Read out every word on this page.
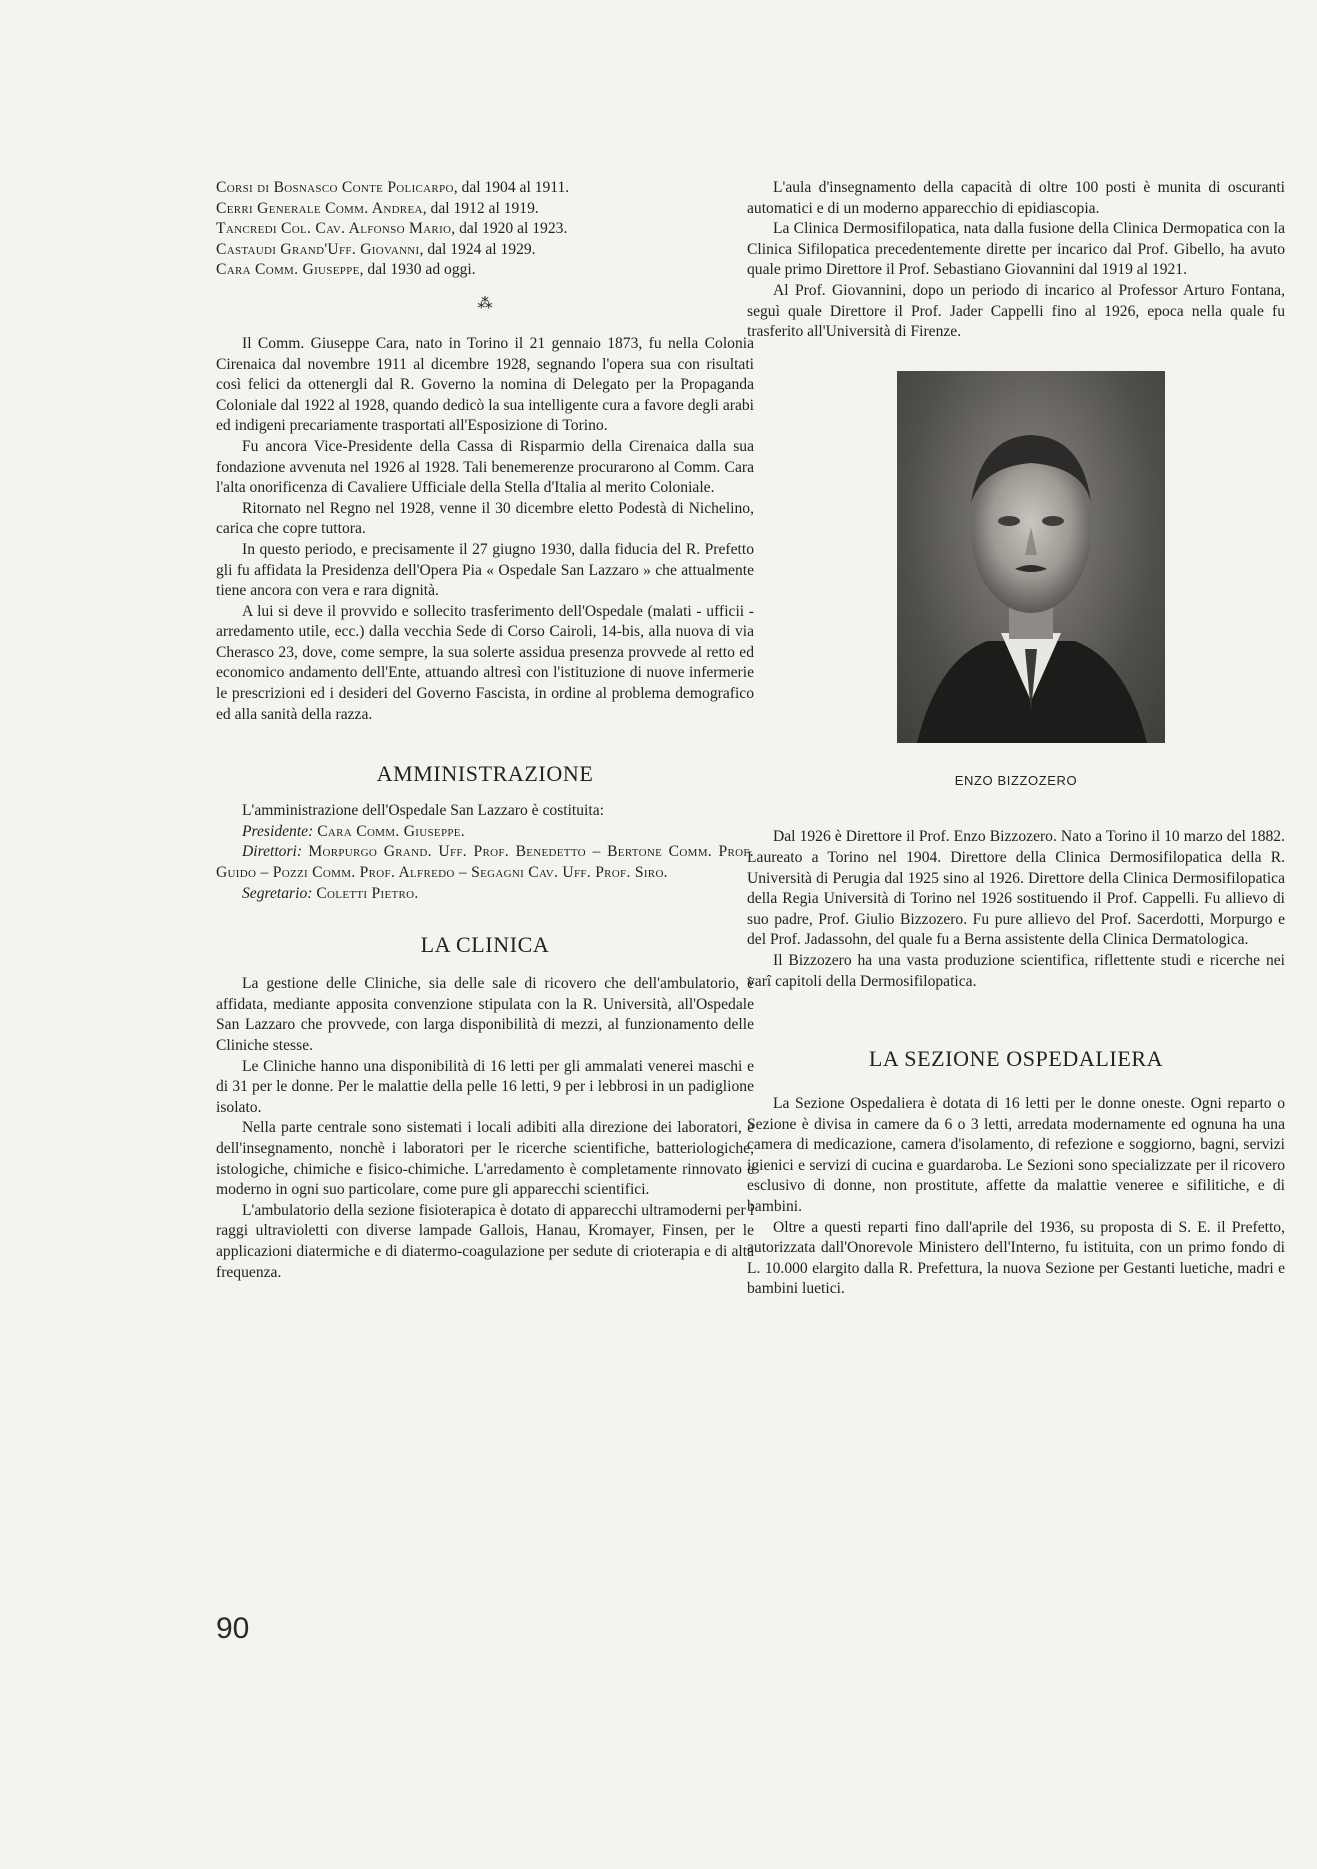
Corsi di Bosnasco Conte Policarpo, dal 1904 al 1911.

Cerri Generale Comm. Andrea, dal 1912 al 1919.

Tancredi Col. Cav. Alfonso Mario, dal 1920 al 1923.

Castaudi Grand'Uff. Giovanni, dal 1924 al 1929.

Cara Comm. Giuseppe, dal 1930 ad oggi.

⁂

Il Comm. Giuseppe Cara, nato in Torino il 21 gennaio 1873, fu nella Colonia Cirenaica dal novembre 1911 al dicembre 1928, segnando l'opera sua con risultati così felici da ottenergli dal R. Governo la nomina di Delegato per la Propaganda Coloniale dal 1922 al 1928, quando dedicò la sua intelligente cura a favore degli arabi ed indigeni precariamente trasportati all'Esposizione di Torino.

Fu ancora Vice-Presidente della Cassa di Risparmio della Cirenaica dalla sua fondazione avvenuta nel 1926 al 1928. Tali benemerenze procurarono al Comm. Cara l'alta onorificenza di Cavaliere Ufficiale della Stella d'Italia al merito Coloniale.

Ritornato nel Regno nel 1928, venne il 30 dicembre eletto Podestà di Nichelino, carica che copre tuttora.

In questo periodo, e precisamente il 27 giugno 1930, dalla fiducia del R. Prefetto gli fu affidata la Presidenza dell'Opera Pia « Ospedale San Lazzaro » che attualmente tiene ancora con vera e rara dignità.

A lui si deve il provvido e sollecito trasferimento dell'Ospedale (malati - ufficii - arredamento utile, ecc.) dalla vecchia Sede di Corso Cairoli, 14-bis, alla nuova di via Cherasco 23, dove, come sempre, la sua solerte assidua presenza provvede al retto ed economico andamento dell'Ente, attuando altresì con l'istituzione di nuove infermerie le prescrizioni ed i desideri del Governo Fascista, in ordine al problema demografico ed alla sanità della razza.

AMMINISTRAZIONE

L'amministrazione dell'Ospedale San Lazzaro è costituita:

Presidente: Cara Comm. Giuseppe.

Direttori: Morpurgo Grand. Uff. Prof. Benedetto – Bertone Comm. Prof. Guido – Pozzi Comm. Prof. Alfredo – Segagni Cav. Uff. Prof. Siro.

Segretario: Coletti Pietro.

LA CLINICA

La gestione delle Cliniche, sia delle sale di ricovero che dell'ambulatorio, è affidata, mediante apposita convenzione stipulata con la R. Università, all'Ospedale San Lazzaro che provvede, con larga disponibilità di mezzi, al funzionamento delle Cliniche stesse.

Le Cliniche hanno una disponibilità di 16 letti per gli ammalati venerei maschi e di 31 per le donne. Per le malattie della pelle 16 letti, 9 per i lebbrosi in un padiglione isolato.

Nella parte centrale sono sistemati i locali adibiti alla direzione dei laboratori, e dell'insegnamento, nonchè i laboratori per le ricerche scientifiche, batteriologiche, istologiche, chimiche e fisico-chimiche. L'arredamento è completamente rinnovato e moderno in ogni suo particolare, come pure gli apparecchi scientifici.

L'ambulatorio della sezione fisioterapica è dotato di apparecchi ultramoderni per i raggi ultravioletti con diverse lampade Gallois, Hanau, Kromayer, Finsen, per le applicazioni diatermiche e di diatermo-coagulazione per sedute di crioterapia e di alta frequenza.

L'aula d'insegnamento della capacità di oltre 100 posti è munita di oscuranti automatici e di un moderno apparecchio di epidiascopia.

La Clinica Dermosifilopatica, nata dalla fusione della Clinica Dermopatica con la Clinica Sifilopatica precedentemente dirette per incarico dal Prof. Gibello, ha avuto quale primo Direttore il Prof. Sebastiano Giovannini dal 1919 al 1921.

Al Prof. Giovannini, dopo un periodo di incarico al Professor Arturo Fontana, seguì quale Direttore il Prof. Jader Cappelli fino al 1926, epoca nella quale fu trasferito all'Università di Firenze.

ENZO BIZZOZERO

Dal 1926 è Direttore il Prof. Enzo Bizzozero. Nato a Torino il 10 marzo del 1882. Laureato a Torino nel 1904. Direttore della Clinica Dermosifilopatica della R. Università di Perugia dal 1925 sino al 1926. Direttore della Clinica Dermosifilopatica della Regia Università di Torino nel 1926 sostituendo il Prof. Cappelli. Fu allievo di suo padre, Prof. Giulio Bizzozero. Fu pure allievo del Prof. Sacerdotti, Morpurgo e del Prof. Jadassohn, del quale fu a Berna assistente della Clinica Dermatologica.

Il Bizzozero ha una vasta produzione scientifica, riflettente studi e ricerche nei varî capitoli della Dermosifilopatica.

LA SEZIONE OSPEDALIERA

La Sezione Ospedaliera è dotata di 16 letti per le donne oneste. Ogni reparto o Sezione è divisa in camere da 6 o 3 letti, arredata modernamente ed ognuna ha una camera di medicazione, camera d'isolamento, di refezione e soggiorno, bagni, servizi igienici e servizi di cucina e guardaroba. Le Sezioni sono specializzate per il ricovero esclusivo di donne, non prostitute, affette da malattie veneree e sifilitiche, e di bambini.

Oltre a questi reparti fino dall'aprile del 1936, su proposta di S. E. il Prefetto, autorizzata dall'Onorevole Ministero dell'Interno, fu istituita, con un primo fondo di L. 10.000 elargito dalla R. Prefettura, la nuova Sezione per Gestanti luetiche, madri e bambini luetici.

90
